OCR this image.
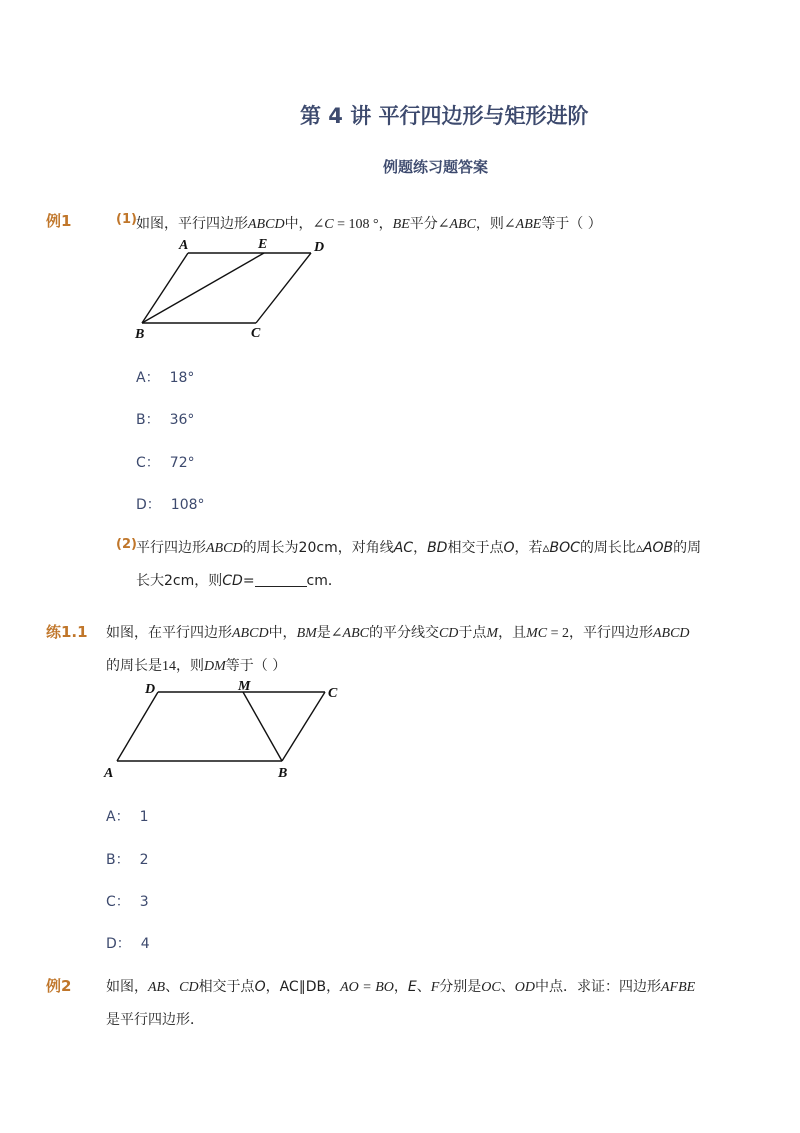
第 4 讲 平行四边形与矩形进阶
例题练习题答案
例1	(1) 如图，平行四边形ABCD中，∠C = 108 °，BE平分∠ABC，则∠ABE等于（ ）
A	E	D
B	C
A： 18°
B： 36°
C： 72°
D： 108°
(2) 平行四边形ABCD的周长为20cm，对角线AC，BD相交于点O，若▵BOC的周长比▵AOB的周
长大2cm，则CD=	cm．
练1.1 如图，在平行四边形ABCD中，BM是∠ABC的平分线交CD于点M，且MC = 2，平行四边形ABCD
的周长是14，则DM等于（ ）
D	M	C
A	B
A： 1
B： 2
C： 3
D： 4
例2 如图，AB、CD相交于点O，AC∥DB，AO = BO，E、F分别是OC、OD中点．求证：四边形AFBE
是平行四边形．
